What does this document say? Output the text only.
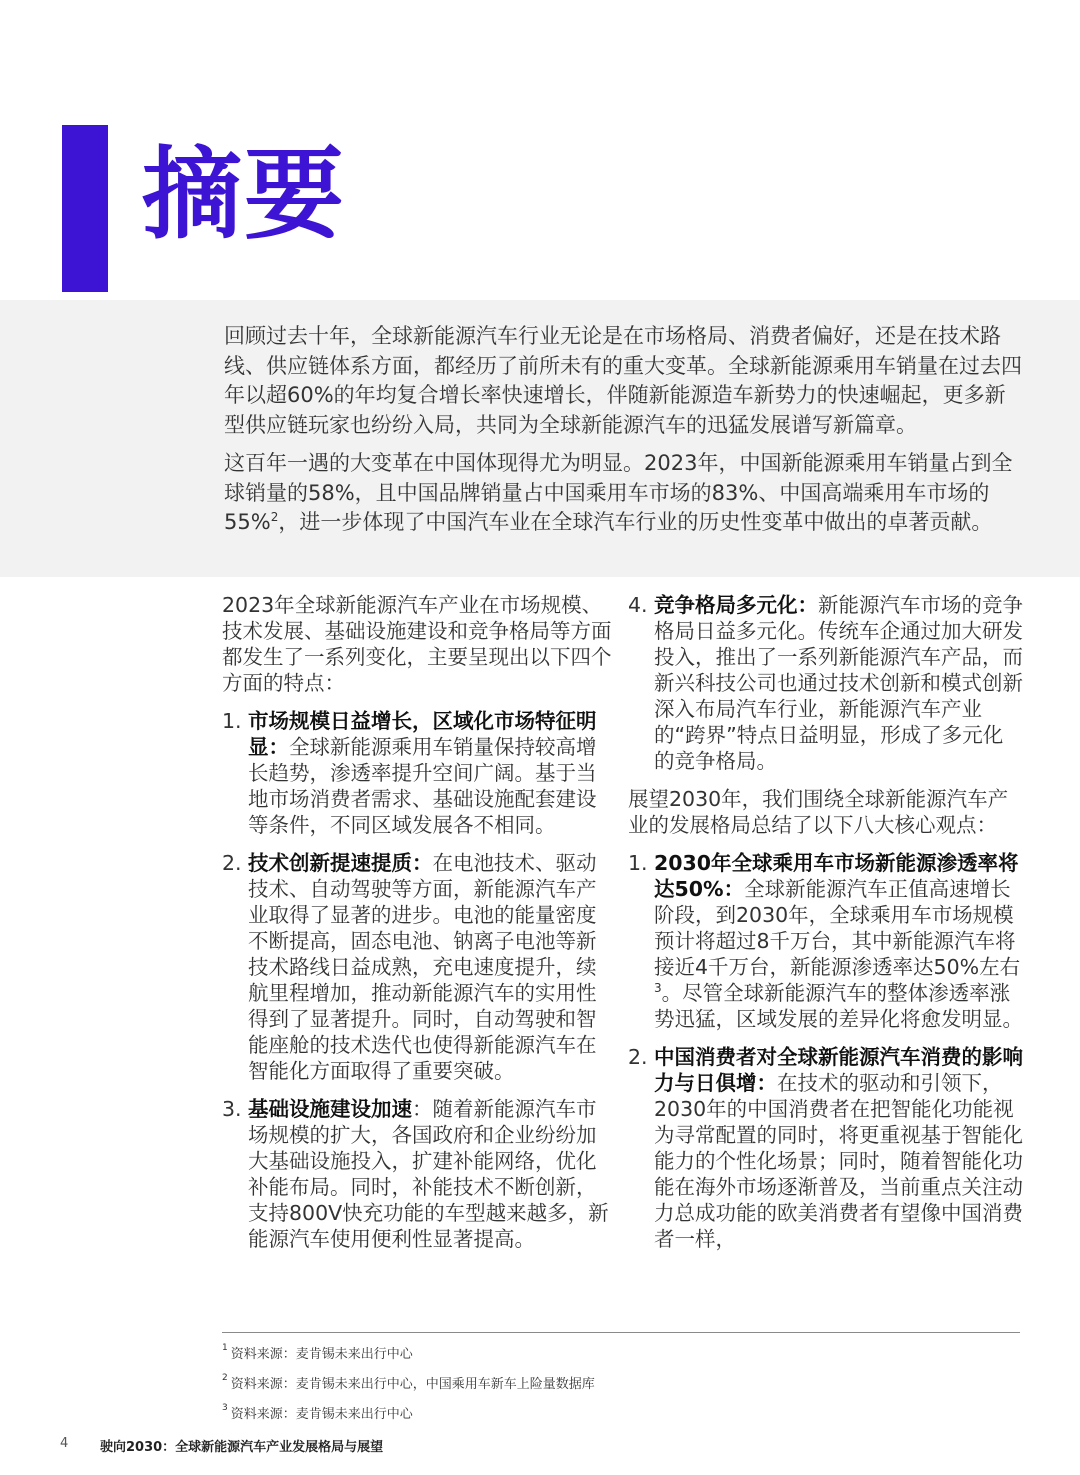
摘要

回顾过去十年，全球新能源汽车行业无论是在市场格局、消费者偏好，还是在技术路线、供应链体系方面，都经历了前所未有的重大变革。全球新能源乘用车销量在过去四年以超60%的年均复合增长率快速增长，伴随新能源造车新势力的快速崛起，更多新型供应链玩家也纷纷入局，共同为全球新能源汽车的迅猛发展谱写新篇章。

这百年一遇的大变革在中国体现得尤为明显。2023年，中国新能源乘用车销量占到全球销量的58%，且中国品牌销量占中国乘用车市场的83%、中国高端乘用车市场的55%$^2$，进一步体现了中国汽车业在全球汽车行业的历史性变革中做出的卓著贡献。

2023年全球新能源汽车产业在市场规模、技术发展、基础设施建设和竞争格局等方面都发生了一系列变化，主要呈现出以下四个方面的特点：

1. 市场规模日益增长，区域化市场特征明显：全球新能源乘用车销量保持较高增长趋势，渗透率提升空间广阔。基于当地市场消费者需求、基础设施配套建设等条件，不同区域发展各不相同。
2. 技术创新提速提质：在电池技术、驱动技术、自动驾驶等方面，新能源汽车产业取得了显著的进步。电池的能量密度不断提高，固态电池、钠离子电池等新技术路线日益成熟，充电速度提升，续航里程增加，推动新能源汽车的实用性得到了显著提升。同时，自动驾驶和智能座舱的技术迭代也使得新能源汽车在智能化方面取得了重要突破。
3. 基础设施建设加速：随着新能源汽车市场规模的扩大，各国政府和企业纷纷加大基础设施投入，扩建补能网络，优化补能布局。同时，补能技术不断创新，支持800V快充功能的车型越来越多，新能源汽车使用便利性显著提高。
4. 竞争格局多元化：新能源汽车市场的竞争格局日益多元化。传统车企通过加大研发投入，推出了一系列新能源汽车产品，而新兴科技公司也通过技术创新和模式创新深入布局汽车行业，新能源汽车产业的“跨界”特点日益明显，形成了多元化的竞争格局。

展望2030年，我们围绕全球新能源汽车产业的发展格局总结了以下八大核心观点：

1. 2030年全球乘用车市场新能源渗透率将达50%：全球新能源汽车正值高速增长阶段，到2030年，全球乘用车市场规模预计将超过8千万台，其中新能源汽车将接近4千万台，新能源渗透率达50%左右$^3$。尽管全球新能源汽车的整体渗透率涨势迅猛，区域发展的差异化将愈发明显。
2. 中国消费者对全球新能源汽车消费的影响力与日俱增：在技术的驱动和引领下，2030年的中国消费者在把智能化功能视为寻常配置的同时，将更重视基于智能化能力的个性化场景；同时，随着智能化功能在海外市场逐渐普及，当前重点关注动力总成功能的欧美消费者有望像中国消费者一样，
$^1$ 资料来源：麦肯锡未来出行中心
$^2$ 资料来源：麦肯锡未来出行中心，中国乘用车新车上险量数据库
$^3$ 资料来源：麦肯锡未来出行中心
4 驶向2030：全球新能源汽车产业发展格局与展望
